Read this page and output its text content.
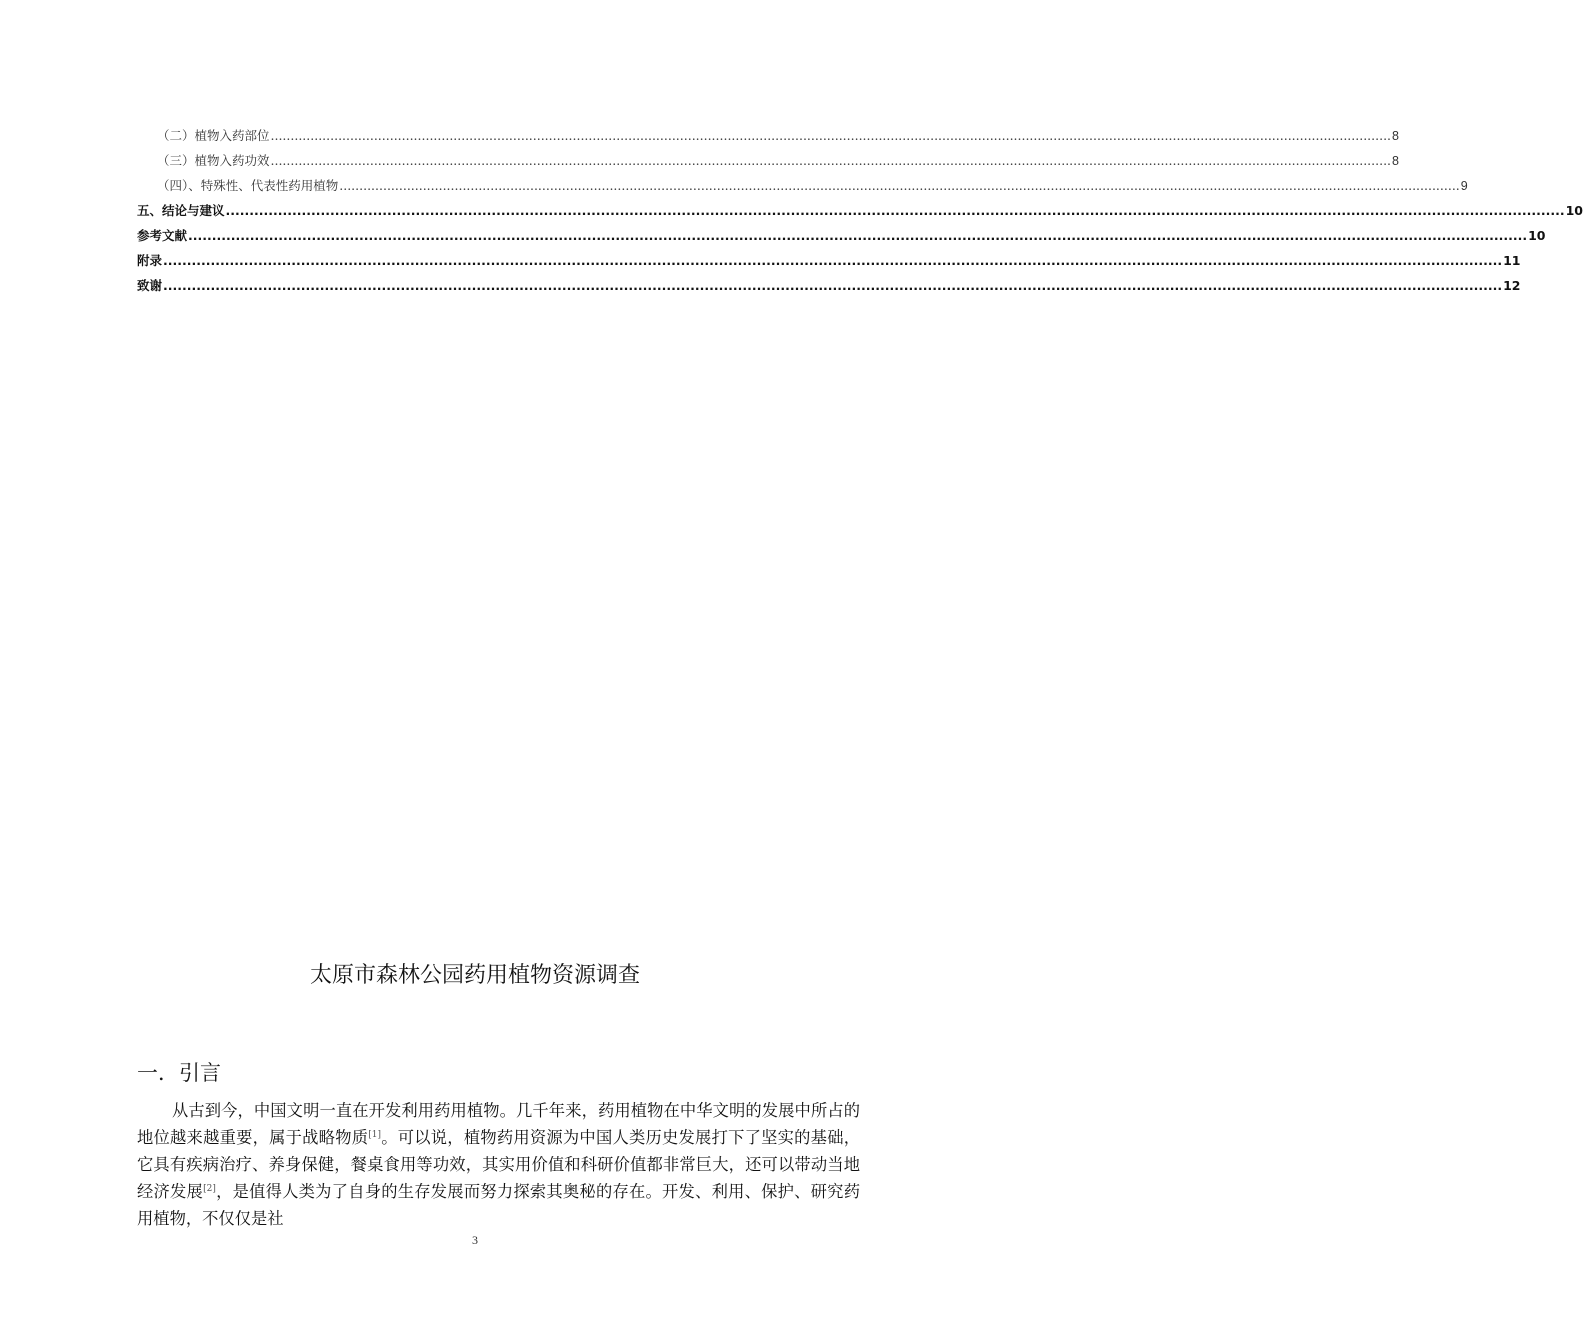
（二）植物入药部位 .......................................................................................................................................................................................................................................................................................... 8
（三）植物入药功效 .......................................................................................................................................................................................................................................................................................... 8
（四）、特殊性、代表性药用植物 .......................................................................................................................................................................................................................................................................................... 9
五、结论与建议 .......................................................................................................................................................................................................................................................................................... 10
参考文献 .......................................................................................................................................................................................................................................................................................... 10
附录 .......................................................................................................................................................................................................................................................................................... 11
致谢 .......................................................................................................................................................................................................................................................................................... 12
太原市森林公园药用植物资源调查
一．引言

从古到今，中国文明一直在开发利用药用植物。几千年来，药用植物在中华文明的发展中所占的地位越来越重要，属于战略物质[1]。可以说，植物药用资源为中国人类历史发展打下了坚实的基础，它具有疾病治疗、养身保健，餐桌食用等功效，其实用价值和科研价值都非常巨大，还可以带动当地经济发展[2]，是值得人类为了自身的生存发展而努力探索其奥秘的存在。开发、利用、保护、研究药用植物，不仅仅是社

3
